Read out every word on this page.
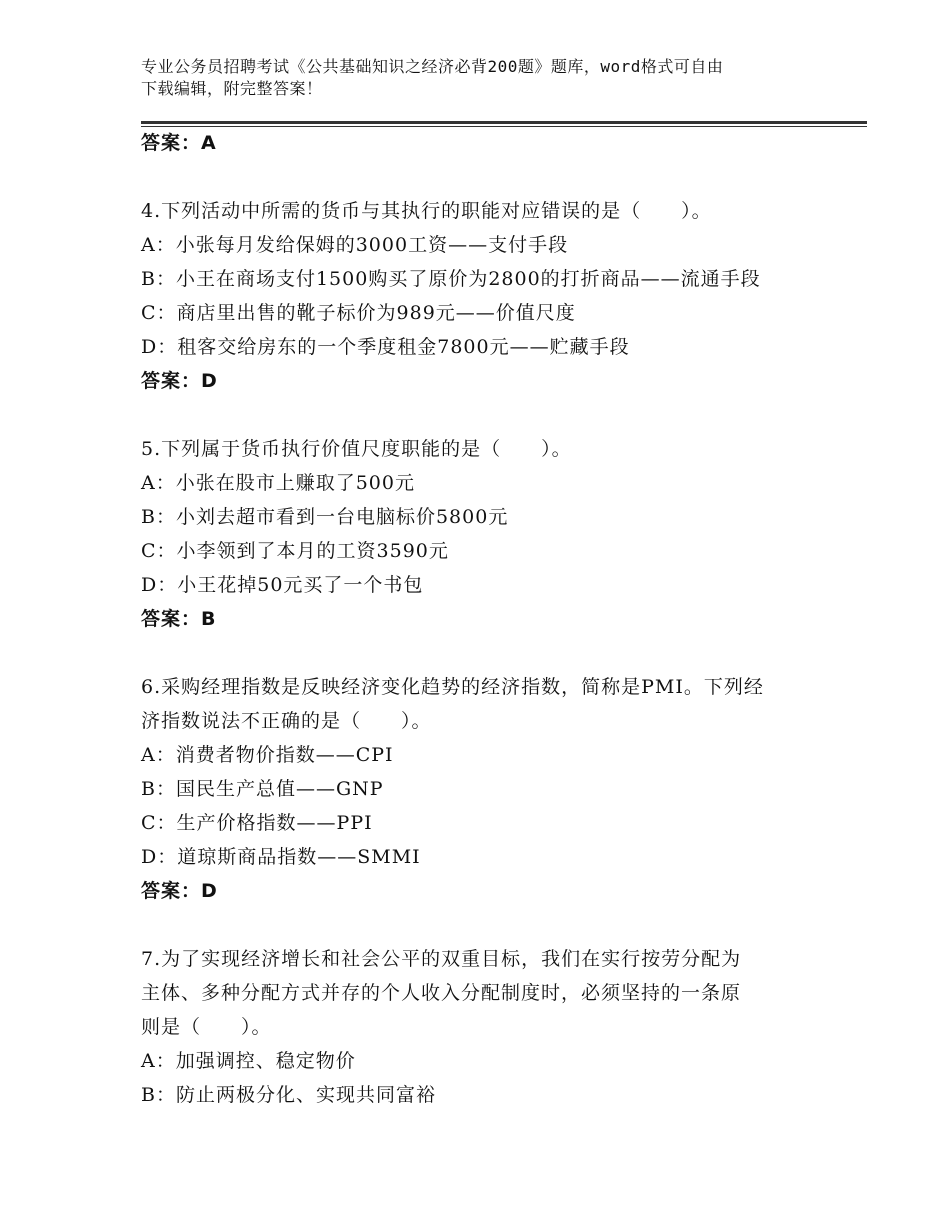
专业公务员招聘考试《公共基础知识之经济必背200题》题库，word格式可自由
下载编辑，附完整答案！
答案：A
4.下列活动中所需的货币与其执行的职能对应错误的是（　　）。
A：小张每月发给保姆的3000工资——支付手段
B：小王在商场支付1500购买了原价为2800的打折商品——流通手段
C：商店里出售的靴子标价为989元——价值尺度
D：租客交给房东的一个季度租金7800元——贮藏手段
答案：D
5.下列属于货币执行价值尺度职能的是（　　）。
A：小张在股市上赚取了500元
B：小刘去超市看到一台电脑标价5800元
C：小李领到了本月的工资3590元
D：小王花掉50元买了一个书包
答案：B
6.采购经理指数是反映经济变化趋势的经济指数，简称是PMI。下列经
济指数说法不正确的是（　　）。
A：消费者物价指数——CPI
B：国民生产总值——GNP
C：生产价格指数——PPI
D：道琼斯商品指数——SMMI
答案：D
7.为了实现经济增长和社会公平的双重目标，我们在实行按劳分配为
主体、多种分配方式并存的个人收入分配制度时，必须坚持的一条原
则是（　　）。
A：加强调控、稳定物价
B：防止两极分化、实现共同富裕
